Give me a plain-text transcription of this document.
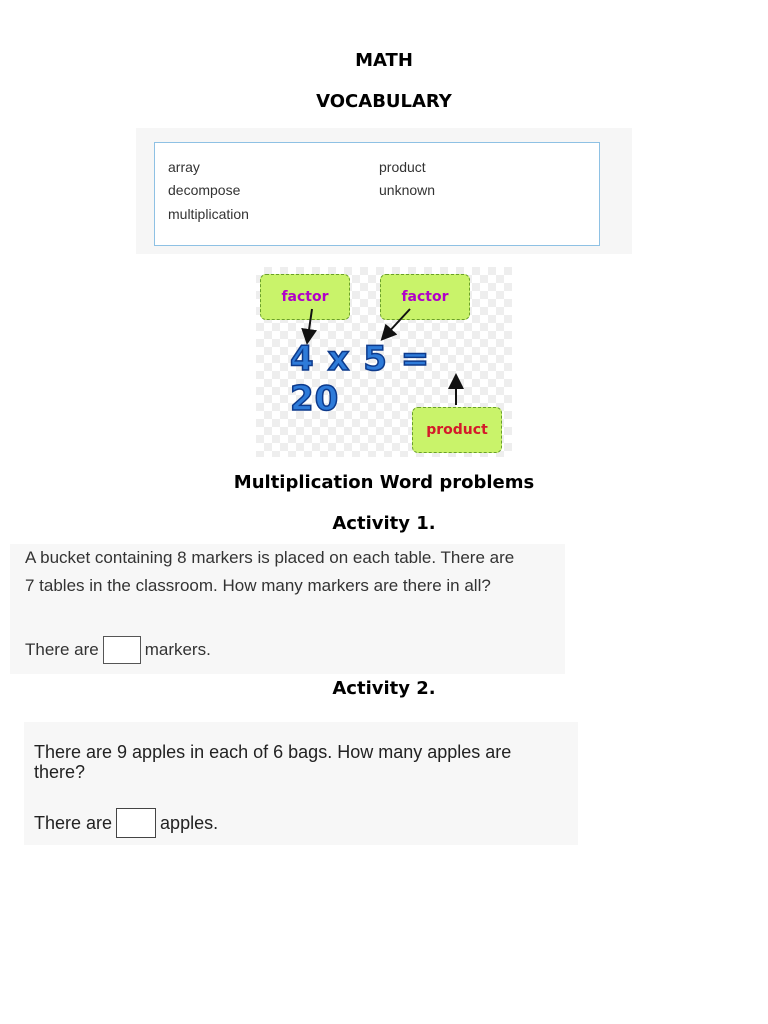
MATH
VOCABULARY
array
decompose
multiplication
product
unknown
factor	factor
4 x 5 = 20
product
Multiplication Word problems
Activity 1.
A bucket containing 8 markers is placed on each table. There are
7 tables in the classroom. How many markers are there in all?
There are	markers.
Activity 2.
There are 9 apples in each of 6 bags. How many apples are
there?
There are	apples.
